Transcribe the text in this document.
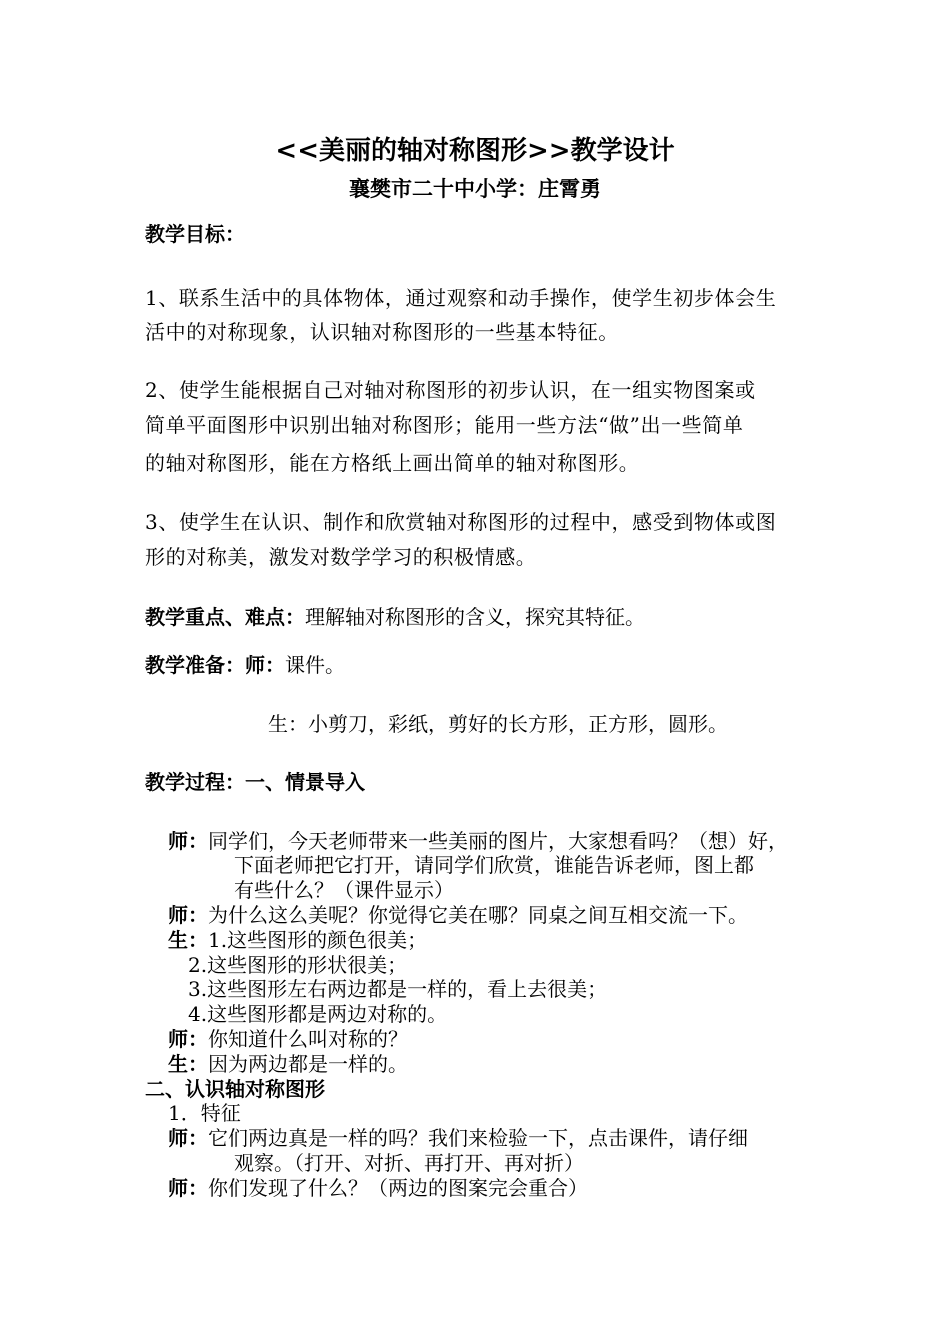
<<美丽的轴对称图形>>教学设计
襄樊市二十中小学：庄霄勇
教学目标：
1、联系生活中的具体物体，通过观察和动手操作，使学生初步体会生
活中的对称现象，认识轴对称图形的一些基本特征。
2、使学生能根据自己对轴对称图形的初步认识，在一组实物图案或
简单平面图形中识别出轴对称图形；能用一些方法“做”出一些简单
的轴对称图形，能在方格纸上画出简单的轴对称图形。
3、使学生在认识、制作和欣赏轴对称图形的过程中，感受到物体或图
形的对称美，激发对数学学习的积极情感。
教学重点、难点：理解轴对称图形的含义，探究其特征。
教学准备：师：课件。
生：小剪刀，彩纸，剪好的长方形，正方形，圆形。
教学过程：一、情景导入
师：同学们，今天老师带来一些美丽的图片，大家想看吗？（想）好，
下面老师把它打开，请同学们欣赏，谁能告诉老师，图上都
有些什么？（课件显示）
师：为什么这么美呢？你觉得它美在哪？同桌之间互相交流一下。
生：1.这些图形的颜色很美；
2.这些图形的形状很美；
3.这些图形左右两边都是一样的，看上去很美；
4.这些图形都是两边对称的。
师：你知道什么叫对称的？
生：因为两边都是一样的。
二、认识轴对称图形
1．特征
师：它们两边真是一样的吗？我们来检验一下，点击课件，请仔细
观察。（打开、对折、再打开、再对折）
师：你们发现了什么？（两边的图案完会重合）
